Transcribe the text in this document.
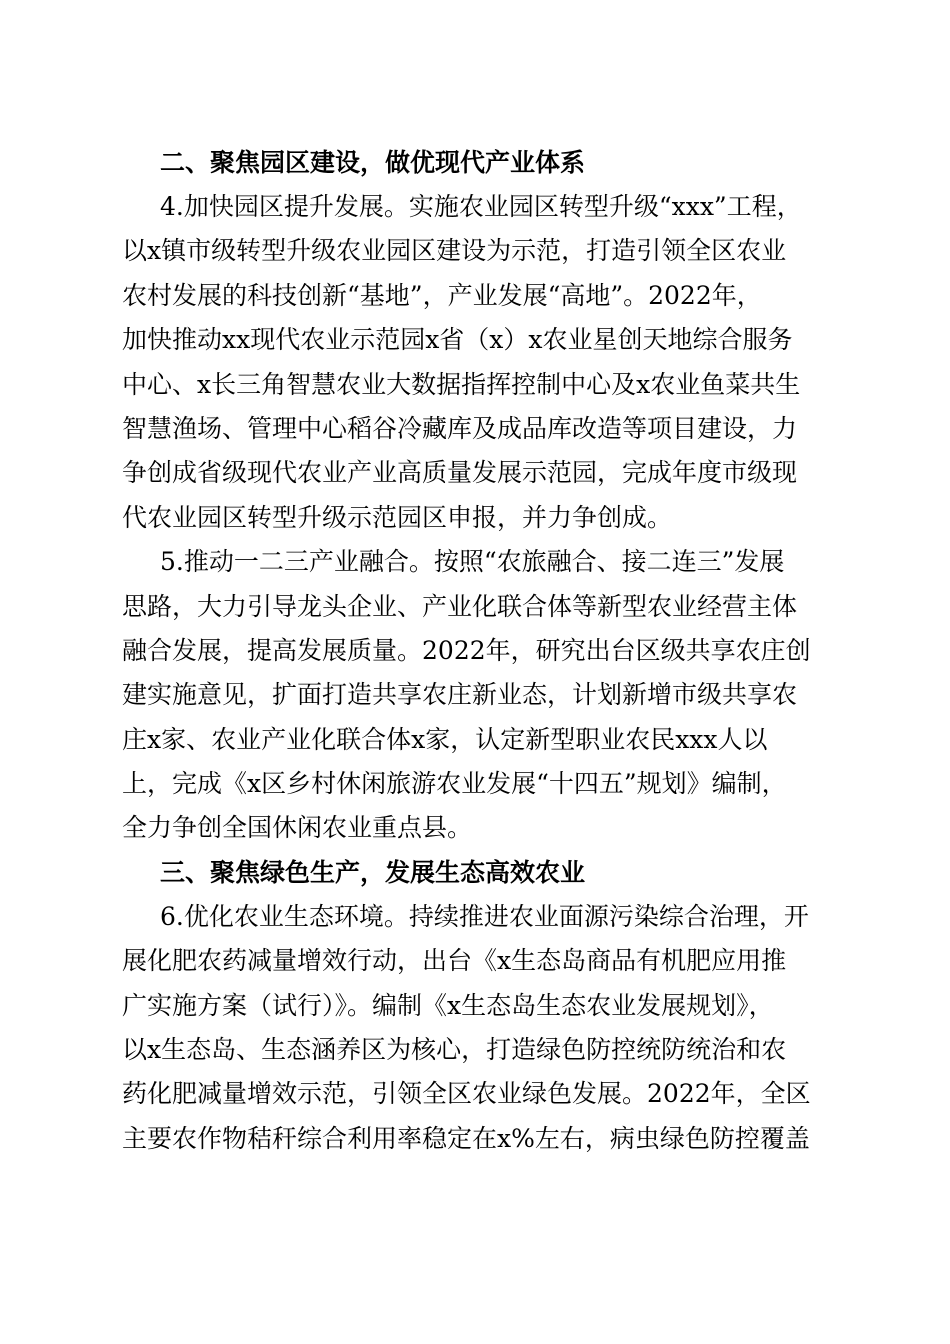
二、聚焦园区建设，做优现代产业体系

4.加快园区提升发展。实施农业园区转型升级“xxx”工程，
以x镇市级转型升级农业园区建设为示范，打造引领全区农业
农村发展的科技创新“基地”，产业发展“高地”。2022年，
加快推动xx现代农业示范园x省（x）x农业星创天地综合服务
中心、x长三角智慧农业大数据指挥控制中心及x农业鱼菜共生
智慧渔场、管理中心稻谷冷藏库及成品库改造等项目建设，力
争创成省级现代农业产业高质量发展示范园，完成年度市级现
代农业园区转型升级示范园区申报，并力争创成。

5.推动一二三产业融合。按照“农旅融合、接二连三”发展
思路，大力引导龙头企业、产业化联合体等新型农业经营主体
融合发展，提高发展质量。2022年，研究出台区级共享农庄创
建实施意见，扩面打造共享农庄新业态，计划新增市级共享农
庄x家、农业产业化联合体x家，认定新型职业农民xxx人以
上，完成《x区乡村休闲旅游农业发展“十四五”规划》编制，
全力争创全国休闲农业重点县。

三、聚焦绿色生产，发展生态高效农业

6.优化农业生态环境。持续推进农业面源污染综合治理，开
展化肥农药减量增效行动，出台《x生态岛商品有机肥应用推
广实施方案（试行）》。编制《x生态岛生态农业发展规划》，
以x生态岛、生态涵养区为核心，打造绿色防控统防统治和农
药化肥减量增效示范，引领全区农业绿色发展。2022年，全区
主要农作物秸秆综合利用率稳定在x%左右，病虫绿色防控覆盖
